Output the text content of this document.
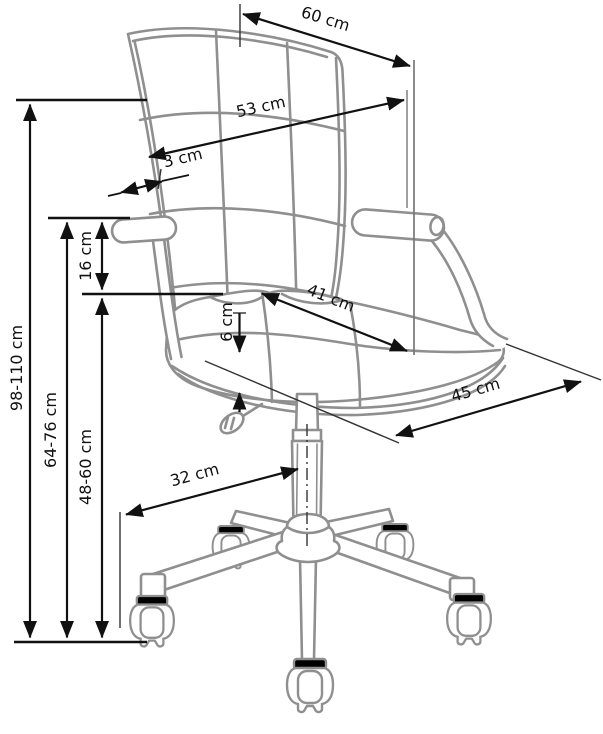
98-110 cm
64-76 cm 48-60 cm
16 cm
60 cm
53 cm
3 cm
41 cm
6 cm
45 cm
32 cm
